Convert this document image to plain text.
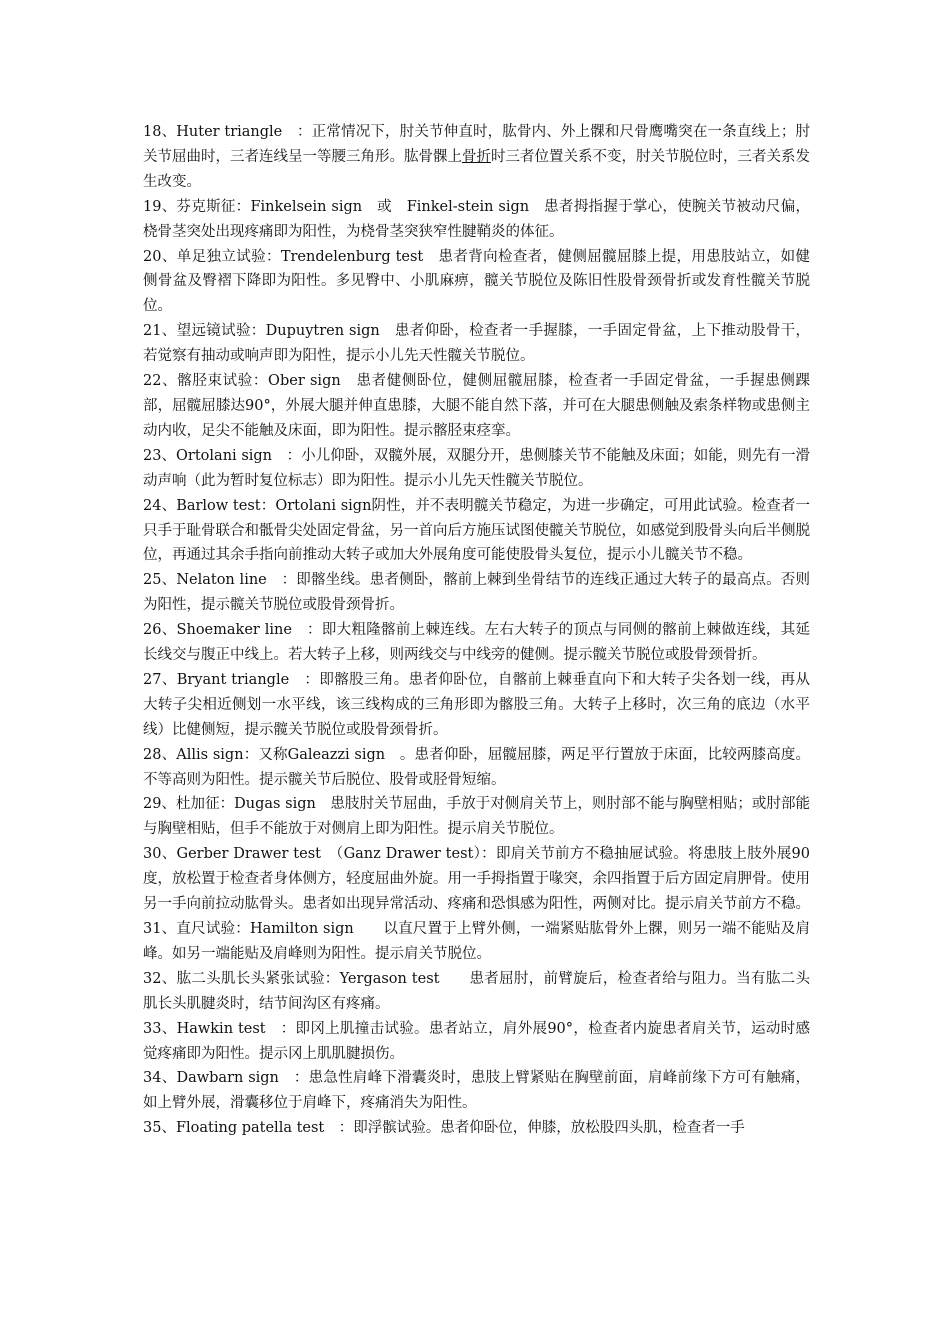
18、Huter triangle　：正常情况下，肘关节伸直时，肱骨内、外上髁和尺骨鹰嘴突在一条直线上；肘关节屈曲时，三者连线呈一等腰三角形。肱骨髁上骨折时三者位置关系不变，肘关节脱位时，三者关系发生改变。

19、芬克斯征：Finkelsein sign　或　Finkel-stein sign　患者拇指握于掌心，使腕关节被动尺偏，桡骨茎突处出现疼痛即为阳性，为桡骨茎突狭窄性腱鞘炎的体征。

20、单足独立试验：Trendelenburg test　患者背向检查者，健侧屈髋屈膝上提，用患肢站立，如健侧骨盆及臀褶下降即为阳性。多见臀中、小肌麻痹，髋关节脱位及陈旧性股骨颈骨折或发育性髋关节脱位。

21、望远镜试验：Dupuytren sign　患者仰卧，检查者一手握膝，一手固定骨盆，上下推动股骨干，若觉察有抽动或响声即为阳性，提示小儿先天性髋关节脱位。

22、髂胫束试验：Ober sign　患者健侧卧位，健侧屈髋屈膝，检查者一手固定骨盆，一手握患侧踝部，屈髋屈膝达90°，外展大腿并伸直患膝，大腿不能自然下落，并可在大腿患侧触及索条样物或患侧主动内收，足尖不能触及床面，即为阳性。提示髂胫束痉挛。

23、Ortolani sign　：小儿仰卧，双髋外展，双腿分开，患侧膝关节不能触及床面；如能，则先有一滑动声响（此为暂时复位标志）即为阳性。提示小儿先天性髋关节脱位。

24、Barlow test：Ortolani sign阴性，并不表明髋关节稳定，为进一步确定，可用此试验。检查者一只手于耻骨联合和骶骨尖处固定骨盆，另一首向后方施压试图使髋关节脱位，如感觉到股骨头向后半侧脱位，再通过其余手指向前推动大转子或加大外展角度可能使股骨头复位，提示小儿髋关节不稳。

25、Nelaton line　：即髂坐线。患者侧卧，髂前上棘到坐骨结节的连线正通过大转子的最高点。否则为阳性，提示髋关节脱位或股骨颈骨折。

26、Shoemaker line　：即大粗隆髂前上棘连线。左右大转子的顶点与同侧的髂前上棘做连线，其延长线交与腹正中线上。若大转子上移，则两线交与中线旁的健侧。提示髋关节脱位或股骨颈骨折。

27、Bryant triangle　：即髂股三角。患者仰卧位，自髂前上棘垂直向下和大转子尖各划一线，再从大转子尖相近侧划一水平线，该三线构成的三角形即为髂股三角。大转子上移时，次三角的底边（水平线）比健侧短，提示髋关节脱位或股骨颈骨折。

28、Allis sign：又称Galeazzi sign　。患者仰卧，屈髋屈膝，两足平行置放于床面，比较两膝高度。不等高则为阳性。提示髋关节后脱位、股骨或胫骨短缩。

29、杜加征：Dugas sign　患肢肘关节屈曲，手放于对侧肩关节上，则肘部不能与胸壁相贴；或肘部能与胸壁相贴，但手不能放于对侧肩上即为阳性。提示肩关节脱位。

30、Gerber Drawer test　（Ganz Drawer test）：即肩关节前方不稳抽屉试验。将患肢上肢外展90度，放松置于检查者身体侧方，轻度屈曲外旋。用一手拇指置于喙突，余四指置于后方固定肩胛骨。使用另一手向前拉动肱骨头。患者如出现异常活动、疼痛和恐惧感为阳性，两侧对比。提示肩关节前方不稳。

31、直尺试验：Hamilton sign　　以直尺置于上臂外侧，一端紧贴肱骨外上髁，则另一端不能贴及肩峰。如另一端能贴及肩峰则为阳性。提示肩关节脱位。

32、肱二头肌长头紧张试验：Yergason test　　患者屈肘，前臂旋后，检查者给与阻力。当有肱二头肌长头肌腱炎时，结节间沟区有疼痛。

33、Hawkin test　：即冈上肌撞击试验。患者站立，肩外展90°，检查者内旋患者肩关节，运动时感觉疼痛即为阳性。提示冈上肌肌腱损伤。

34、Dawbarn sign　：患急性肩峰下滑囊炎时，患肢上臂紧贴在胸壁前面，肩峰前缘下方可有触痛，如上臂外展，滑囊移位于肩峰下，疼痛消失为阳性。

35、Floating patella test　：即浮髌试验。患者仰卧位，伸膝，放松股四头肌，检查者一手
